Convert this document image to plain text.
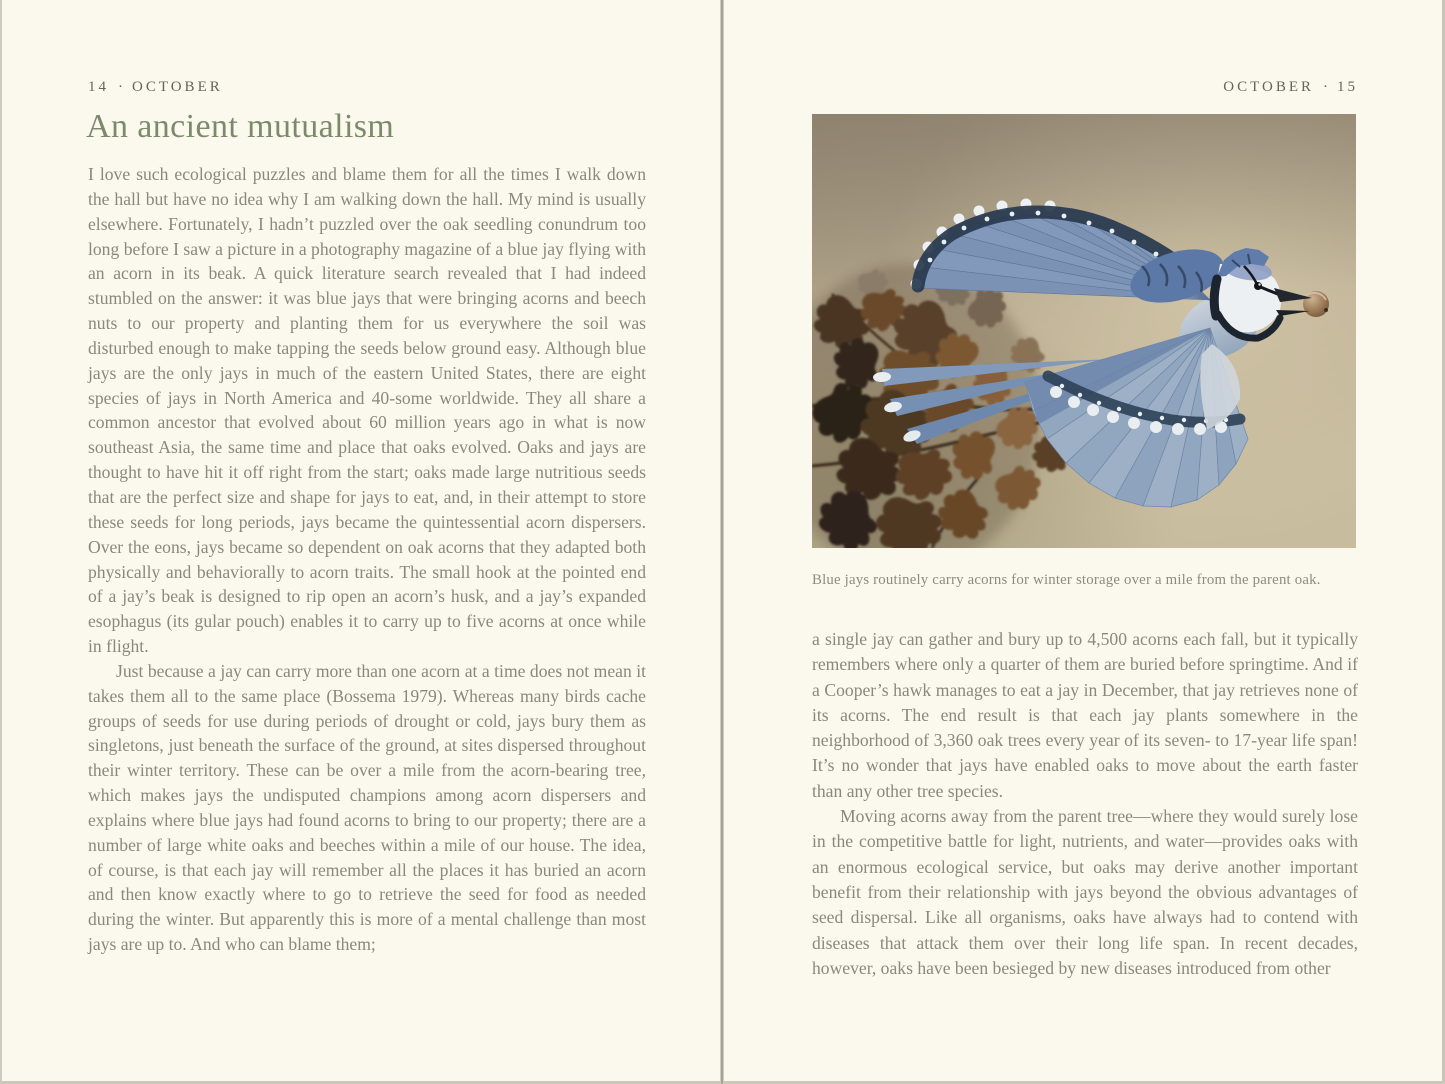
14 · OCTOBER
An ancient mutualism

I love such ecological puzzles and blame them for all the times I walk down the hall but have no idea why I am walking down the hall. My mind is usually elsewhere. Fortunately, I hadn’t puzzled over the oak seedling conundrum too long before I saw a picture in a photography magazine of a blue jay flying with an acorn in its beak. A quick literature search revealed that I had indeed stumbled on the answer: it was blue jays that were bringing acorns and beech nuts to our property and planting them for us everywhere the soil was disturbed enough to make tapping the seeds below ground easy. Although blue jays are the only jays in much of the eastern United States, there are eight species of jays in North America and 40-some worldwide. They all share a common ancestor that evolved about 60 million years ago in what is now southeast Asia, the same time and place that oaks evolved. Oaks and jays are thought to have hit it off right from the start; oaks made large nutritious seeds that are the perfect size and shape for jays to eat, and, in their attempt to store these seeds for long periods, jays became the quintessential acorn dispersers. Over the eons, jays became so dependent on oak acorns that they adapted both physically and behaviorally to acorn traits. The small hook at the pointed end of a jay’s beak is designed to rip open an acorn’s husk, and a jay’s expanded esophagus (its gular pouch) enables it to carry up to five acorns at once while in flight.

Just because a jay can carry more than one acorn at a time does not mean it takes them all to the same place (Bossema 1979). Whereas many birds cache groups of seeds for use during periods of drought or cold, jays bury them as singletons, just beneath the surface of the ground, at sites dispersed throughout their winter territory. These can be over a mile from the acorn-bearing tree, which makes jays the undisputed champions among acorn dispersers and explains where blue jays had found acorns to bring to our property; there are a number of large white oaks and beeches within a mile of our house. The idea, of course, is that each jay will remember all the places it has buried an acorn and then know exactly where to go to retrieve the seed for food as needed during the winter. But apparently this is more of a mental challenge than most jays are up to. And who can blame them;

OCTOBER · 15
Blue jays routinely carry acorns for winter storage over a mile from the parent oak.

a single jay can gather and bury up to 4,500 acorns each fall, but it typically remembers where only a quarter of them are buried before springtime. And if a Cooper’s hawk manages to eat a jay in December, that jay retrieves none of its acorns. The end result is that each jay plants somewhere in the neighborhood of 3,360 oak trees every year of its seven- to 17-year life span! It’s no wonder that jays have enabled oaks to move about the earth faster than any other tree species.

Moving acorns away from the parent tree—where they would surely lose in the competitive battle for light, nutrients, and water—provides oaks with an enormous ecological service, but oaks may derive another important benefit from their relationship with jays beyond the obvious advantages of seed dispersal. Like all organisms, oaks have always had to contend with diseases that attack them over their long life span. In recent decades, however, oaks have been besieged by new diseases introduced from other
